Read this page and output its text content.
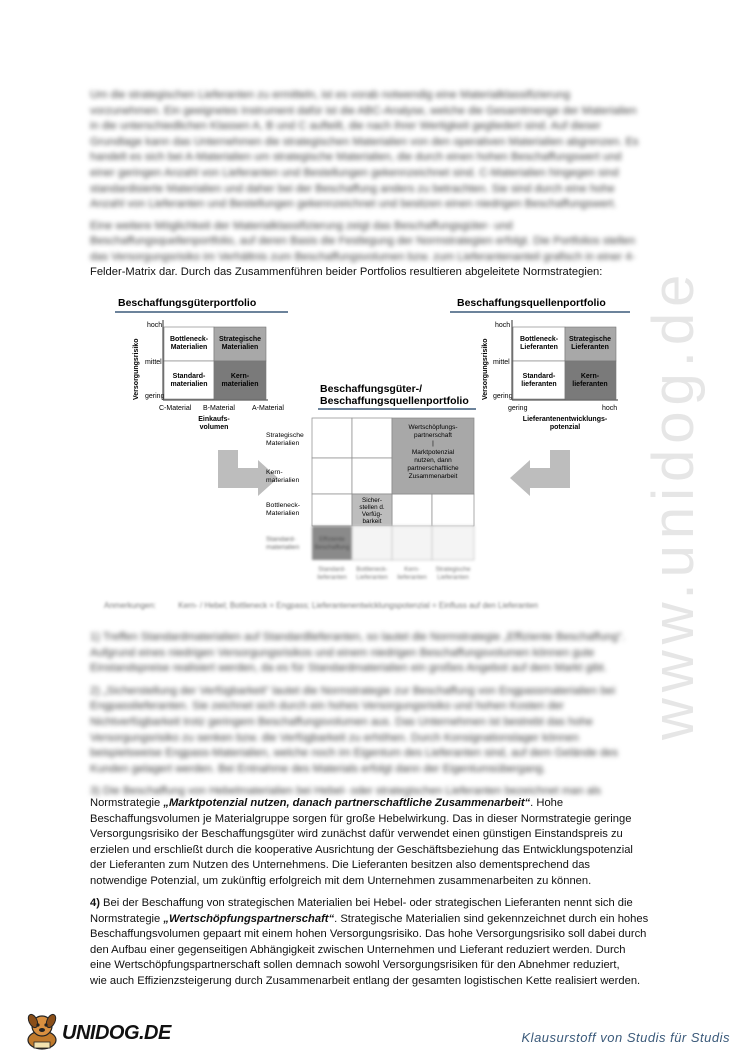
www.unidog.de

Um die strategischen Lieferanten zu ermitteln, ist es vorab notwendig eine Materialklassifizierung

vorzunehmen. Ein geeignetes Instrument dafür ist die ABC-Analyse, welche die Gesamtmenge der Materialien

in die unterschiedlichen Klassen A, B und C aufteilt, die nach ihrer Wertigkeit gegliedert sind. Auf dieser

Grundlage kann das Unternehmen die strategischen Materialien von den operativen Materialien abgrenzen. Es

handelt es sich bei A-Materialien um strategische Materialien, die durch einen hohen Beschaffungswert und

einer geringen Anzahl von Lieferanten und Bestellungen gekennzeichnet sind. C-Materialien hingegen sind

standardisierte Materialien und daher bei der Beschaffung anders zu betrachten. Sie sind durch eine hohe

Anzahl von Lieferanten und Bestellungen gekennzeichnet und besitzen einen niedrigen Beschaffungswert.

Eine weitere Möglichkeit der Materialklassifizierung zeigt das Beschaffungsgüter- und

Beschaffungsquellenportfolio, auf deren Basis die Festlegung der Normstrategien erfolgt. Die Portfolios stellen

das Versorgungsrisiko im Verhältnis zum Beschaffungsvolumen bzw. zum Lieferantenanteil grafisch in einer 4-

Felder-Matrix dar. Durch das Zusammenführen beider Portfolios resultieren abgeleitete Normstrategien:
Beschaffungsgüterportfolio
Versorgungsrisiko
hoch
mittel
gering
Bottleneck-
Materialien
Strategische
Materialien
Standard-
materialien
Kern-
materialien
C-Material B-Material A-Material
Einkaufs-
volumen
Beschaffungsquellenportfolio
Versorgungsrisiko
hoch
mittel
gering
Bottleneck-
Lieferanten
Strategische
Lieferanten
Standard-
lieferanten
Kern-
lieferanten
gering	hoch
Lieferantenentwicklungs-
potenzial
Beschaffungsgüter-/
Beschaffungsquellenportfolio
Strategische
Materialien
Kern-
materialien
Bottleneck-
Materialien
Standard-
materialien
Wertschöpfungs-
partnerschaft
|
Marktpotenzial
nutzen, dann
partnerschaftliche
Zusammenarbeit
Sicher-
stellen d.
Verfüg-
barkeit
Effiziente
Beschaffung
Standard-
lieferanten
Bottleneck-
Lieferanten
Kern-
lieferanten
Strategische
Lieferanten
Anmerkungen:          Kern- / Hebel; Bottleneck = Engpass; Lieferantenentwicklungspotenzial = Einfluss auf den Lieferanten

1) Treffen Standardmaterialien auf Standardlieferanten, so lautet die Normstrategie „Effiziente Beschaffung“.

Aufgrund eines niedrigen Versorgungsrisikos und einem niedrigen Beschaffungsvolumen können gute

Einstandspreise realisiert werden, da es für Standardmaterialien ein großes Angebot auf dem Markt gibt.

2) „Sicherstellung der Verfügbarkeit“ lautet die Normstrategie zur Beschaffung von Engpassmaterialien bei

Engpasslieferanten. Sie zeichnet sich durch ein hohes Versorgungsrisiko und hohen Kosten der

Nichtverfügbarkeit trotz geringem Beschaffungsvolumen aus. Das Unternehmen ist bestrebt das hohe

Versorgungsrisiko zu senken bzw. die Verfügbarkeit zu erhöhen. Durch Konsignationslager können

beispielsweise Engpass-Materialien, welche noch im Eigentum des Lieferanten sind, auf dem Gelände des

Kunden gelagert werden. Bei Entnahme des Materials erfolgt dann der Eigentumsübergang.

3) Die Beschaffung von Hebelmaterialien bei Hebel- oder strategischen Lieferanten bezeichnet man als

Normstrategie „Marktpotenzial nutzen, danach partnerschaftliche Zusammenarbeit“. Hohe

Beschaffungsvolumen je Materialgruppe sorgen für große Hebelwirkung. Das in dieser Normstrategie geringe

Versorgungsrisiko der Beschaffungsgüter wird zunächst dafür verwendet einen günstigen Einstandspreis zu

erzielen und erschließt durch die kooperative Ausrichtung der Geschäftsbeziehung das Entwicklungspotenzial

der Lieferanten zum Nutzen des Unternehmens. Die Lieferanten besitzen also dementsprechend das

notwendige Potenzial, um zukünftig erfolgreich mit dem Unternehmen zusammenarbeiten zu können.

4) Bei der Beschaffung von strategischen Materialien bei Hebel- oder strategischen Lieferanten nennt sich die

Normstrategie „Wertschöpfungspartnerschaft“. Strategische Materialien sind gekennzeichnet durch ein hohes

Beschaffungsvolumen gepaart mit einem hohen Versorgungsrisiko. Das hohe Versorgungsrisiko soll dabei durch

den Aufbau einer gegenseitigen Abhängigkeit zwischen Unternehmen und Lieferant reduziert werden. Durch

eine Wertschöpfungspartnerschaft sollen demnach sowohl Versorgungsrisiken für den Abnehmer reduziert,

wie auch Effizienzsteigerung durch Zusammenarbeit entlang der gesamten logistischen Kette realisiert werden.

UNIDOG.DE	Klausurstoff von Studis für Studis
